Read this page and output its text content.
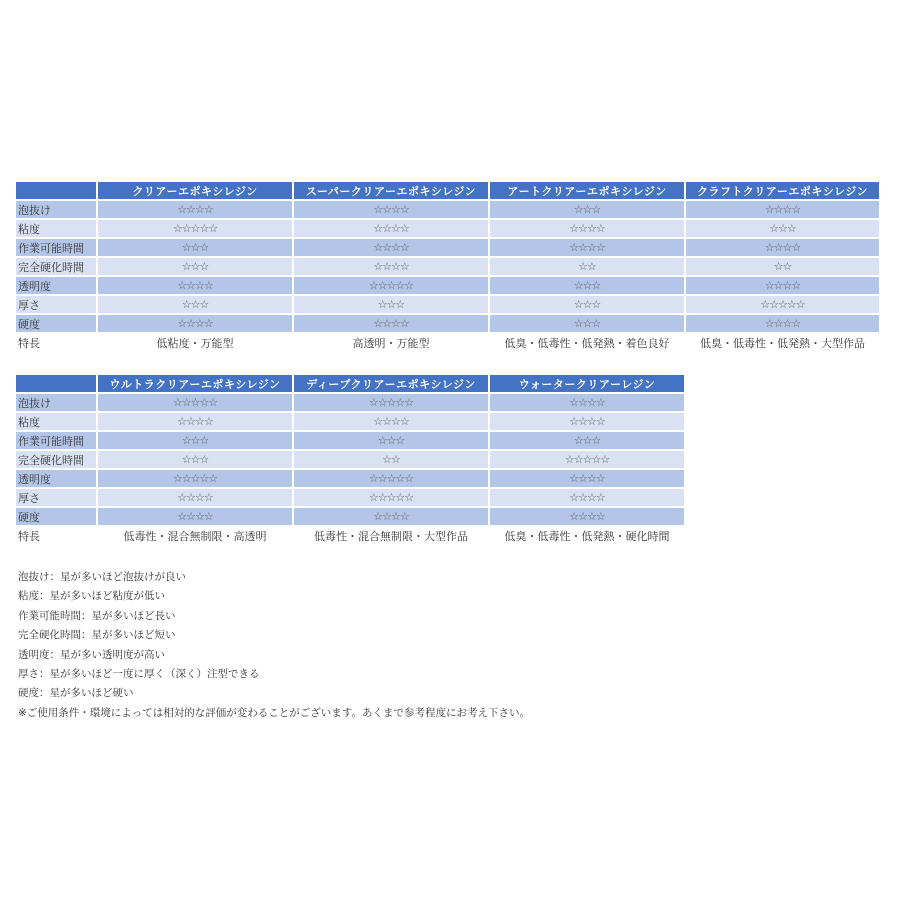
	クリアーエポキシレジン	スーパークリアーエポキシレジン	アートクリアーエポキシレジン	クラフトクリアーエポキシレジン
泡抜け	☆☆☆☆	☆☆☆☆	☆☆☆	☆☆☆☆
粘度	☆☆☆☆☆	☆☆☆☆	☆☆☆☆	☆☆☆
作業可能時間	☆☆☆	☆☆☆☆	☆☆☆☆	☆☆☆☆
完全硬化時間	☆☆☆	☆☆☆☆	☆☆	☆☆
透明度	☆☆☆☆	☆☆☆☆☆	☆☆☆	☆☆☆☆
厚さ	☆☆☆	☆☆☆	☆☆☆	☆☆☆☆☆
硬度	☆☆☆☆	☆☆☆☆	☆☆☆	☆☆☆☆
特長	低粘度・万能型	高透明・万能型	低臭・低毒性・低発熱・着色良好	低臭・低毒性・低発熱・大型作品
	ウルトラクリアーエポキシレジン	ディープクリアーエポキシレジン	ウォータークリアーレジン
泡抜け	☆☆☆☆☆	☆☆☆☆☆	☆☆☆☆
粘度	☆☆☆☆	☆☆☆☆	☆☆☆☆
作業可能時間	☆☆☆	☆☆☆	☆☆☆
完全硬化時間	☆☆☆	☆☆	☆☆☆☆☆
透明度	☆☆☆☆☆	☆☆☆☆☆	☆☆☆☆
厚さ	☆☆☆☆	☆☆☆☆☆	☆☆☆☆
硬度	☆☆☆☆	☆☆☆☆	☆☆☆☆
特長	低毒性・混合無制限・高透明	低毒性・混合無制限・大型作品	低臭・低毒性・低発熱・硬化時間
泡抜け：星が多いほど泡抜けが良い
粘度：星が多いほど粘度が低い
作業可能時間：星が多いほど長い
完全硬化時間：星が多いほど短い
透明度：星が多い透明度が高い
厚さ：星が多いほど一度に厚く（深く）注型できる
硬度：星が多いほど硬い
※ご使用条件・環境によっては相対的な評価が変わることがございます。あくまで参考程度にお考え下さい。
